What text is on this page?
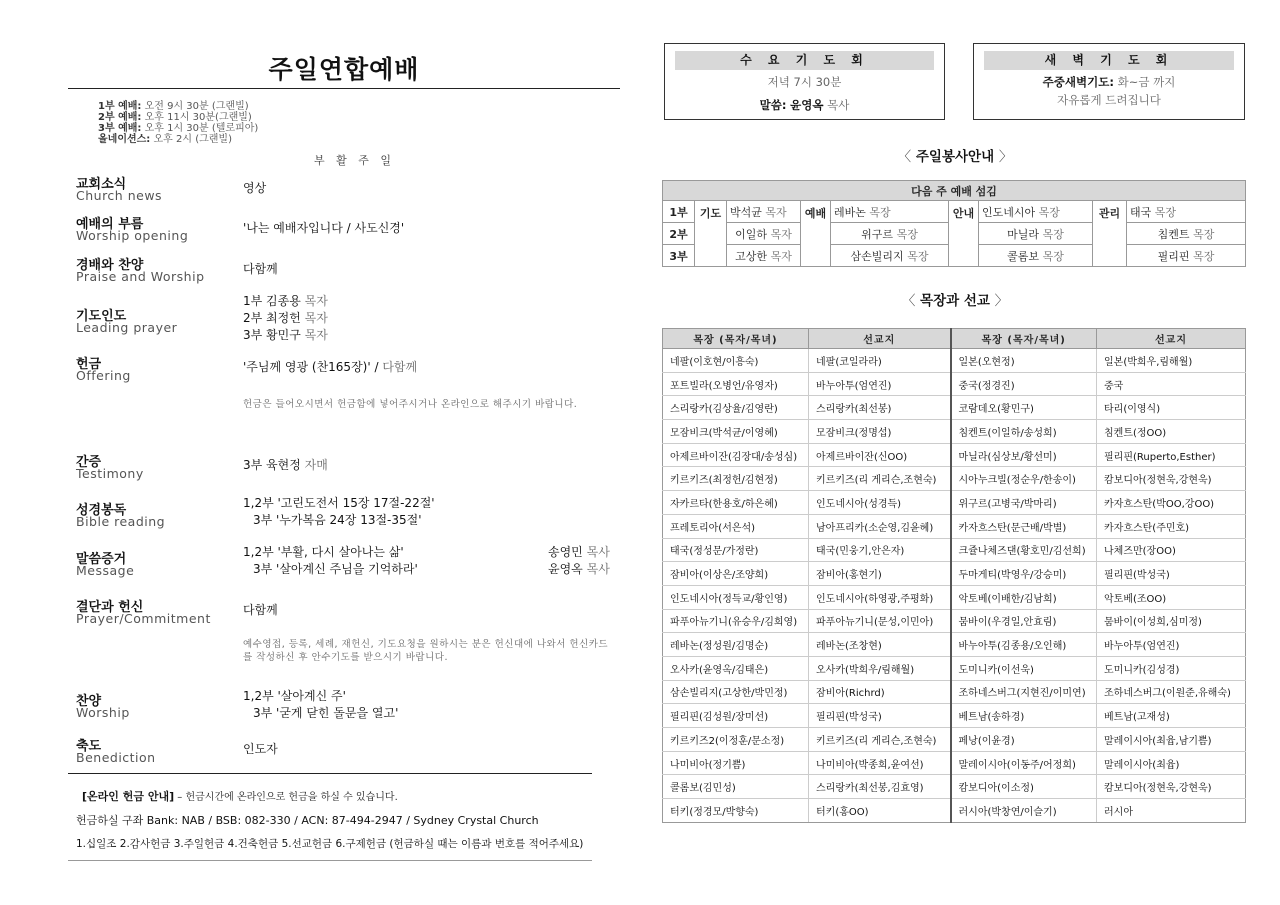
주일연합예배
1부 예배: 오전 9시 30분 (그랜빌)
2부 예배: 오후 11시 30분(그랜빌)
3부 예배: 오후 1시 30분 (텔로피아)
올네이션스: 오후 2시 (그랜빌)
부 활 주 일
교회소식
Church news	영상
예배의 부름
Worship opening	'나는 예배자입니다 / 사도신경'
경배와 찬양
Praise and Worship	다함께
기도인도
Leading prayer
1부 김종용 목자
2부 최정헌 목자
3부 황민구 목자
헌금
Offering
'주님께 영광 (찬165장)' / 다함께
헌금은 들어오시면서 헌금함에 넣어주시거나 온라인으로 해주시기 바랍니다.
간증
Testimony
3부 육현정 자매
성경봉독
Bible reading
1,2부 '고린도전서 15장 17절-22절'
3부 '누가복음 24장 13절-35절'
말씀증거
Message
1,2부 '부활, 다시 살아나는 삶'
3부 '살아계신 주님을 기억하라'
송영민 목사
윤영옥 목사
결단과 헌신
Prayer/Commitment
다함께
예수영접, 등록, 세례, 재헌신, 기도요청을 원하시는 분은 헌신대에 나와서 헌신카드를 작성하신 후 안수기도를 받으시기 바랍니다.
찬양
Worship
1,2부 '살아계신 주'
3부 '굳게 닫힌 돌문을 열고'
축도
Benediction
인도자
[온라인 헌금 안내] – 헌금시간에 온라인으로 헌금을 하실 수 있습니다.
헌금하실 구좌 Bank: NAB / BSB: 082-330 / ACN: 87-494-2947 / Sydney Crystal Church
1.십일조 2.감사헌금 3.주일헌금 4.건축헌금 5.선교헌금 6.구제헌금 (헌금하실 때는 이름과 번호를 적어주세요)
수 요 기 도 회
저녁 7시 30분
말씀: 윤영옥 목사
새 벽 기 도 회
주중새벽기도: 화~금 까지
자유롭게 드려집니다
〈 주일봉사안내 〉
다음 주 예배 섬김								
1부	기도	박석균 목자	예배	레바논 목장	안내	인도네시아 목장	관리	태국 목장
2부		이일하 목자		위구르 목장		마닐라 목장		침켄트 목장
3부		고상한 목자		삼손빌리지 목장		콜롬보 목장		필리핀 목장
〈 목장과 선교 〉
목장 (목자/목녀)	선교지	목장 (목자/목녀)	선교지
네팔(이호현/이흥숙)	네팔(코일라라)	일본(오현정)	일본(박희우,림해월)
포트빌라(오병언/유영자)	바누아투(엄연진)	중국(정경진)	중국
스리랑카(김상율/김영란)	스리랑카(최선봉)	코람데오(황민구)	타리(이영식)
모잠비크(박석균/이영혜)	모잠비크(정명섭)	침켄트(이일하/송성희)	침켄트(정OO)
아제르바이잔(김장대/송성심)	아제르바이잔(신OO)	마닐라(심상보/황선미)	필리핀(Ruperto,Esther)
키르키즈(최정헌/김현정)	키르키즈(리 게리슨,조현숙)	시아누크빌(정순우/한송이)	캄보디아(정현욱,강현욱)
자카르타(한용호/하은혜)	인도네시아(성경득)	위구르(고병국/박마리)	카자흐스탄(박OO,강OO)
프레토리아(서은석)	남아프리카(소순영,김윤혜)	카자흐스탄(문근배/박별)	카자흐스탄(주민호)
태국(정성문/가정란)	태국(민웅기,안은자)	크쥴나체즈댄(황호민/김선희)	나체즈만(장OO)
잠비아(이상은/조양희)	잠비아(홍현기)	두마게티(박영우/강승미)	필리핀(박성국)
인도네시아(정득교/황인영)	인도네시아(하영광,주평화)	악토베(이배한/김남희)	악토베(조OO)
파푸아뉴기니(유승우/김희영)	파푸아뉴기니(문성,이민아)	뭄바이(우경일,안효림)	뭄바이(이성희,심미정)
레바논(정성원/김명순)	레바논(조창현)	바누아투(김종용/오인해)	바누아투(엄연진)
오사카(윤영옥/김태은)	오사카(박희우/림해월)	도미니카(이선욱)	도미니카(김성경)
삼손빌리지(고상한/박민정)	잠비아(Richrd)	조하네스버그(지현진/이미연)	조하네스버그(이원준,유해숙)
필리핀(김성원/장미선)	필리핀(박성국)	베트남(송하경)	베트남(고재성)
키르키즈2(이정훈/문소정)	키르키즈(리 게리슨,조현숙)	페낭(이윤경)	말레이시아(최윱,남기쁨)
나미비아(정기쁨)	나미비아(박종희,윤여선)	말레이시아(이동주/어정희)	말레이시아(최윱)
콜롬보(김민성)	스리랑카(최선봉,김효영)	캄보디아(이소정)	캄보디아(정현욱,강현욱)
터키(정경모/박향숙)	터키(홍OO)	러시아(박창연/이슬기)	러시아
